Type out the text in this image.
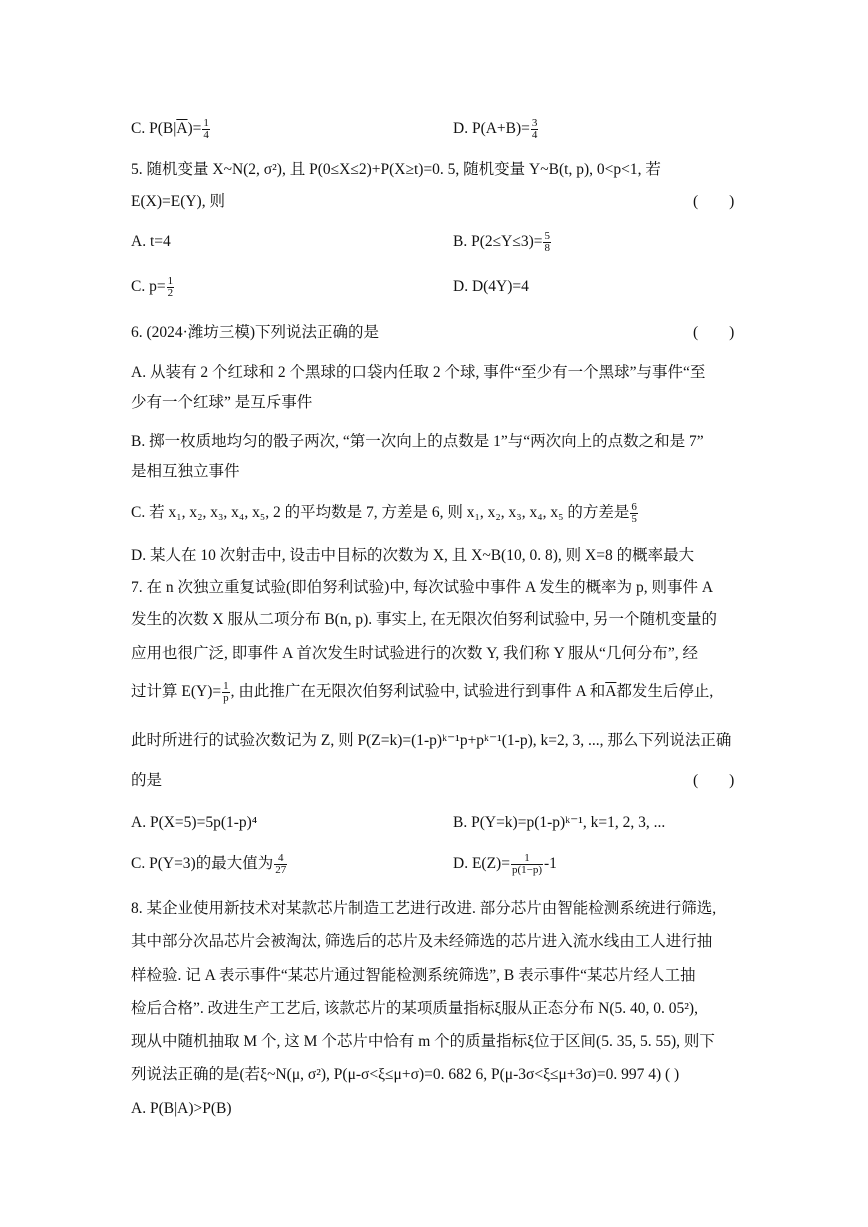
C. $P(B|\overline{A})= \frac{1}{4}$	D. $P(A+B)= \frac{3}{4}$
5. 随机变量 X~N(2, σ²), 且 P(0≤X≤2)+P(X≥t)=0. 5, 随机变量 Y~B(t, p), 0<p<1, 若
E(X)=E(Y), 则	(        )
A. t=4	B. $P(2\le Y\le 3)= \frac{5}{8}$
C. $p= \frac{1}{2}$	D. D(4Y)=4
6. (2024·潍坊三模)下列说法正确的是	(        )
A. 从装有 2 个红球和 2 个黑球的口袋内任取 2 个球, 事件“至少有一个黑球”与事件“至
少有一个红球” 是互斥事件
B. 掷一枚质地均匀的骰子两次, “第一次向上的点数是 1”与“两次向上的点数之和是 7”
是相互独立事件
C. 若 x₁, x₂, x₃, x₄, x₅, 2 的平均数是 7, 方差是 6, 则 x₁, x₂, x₃, x₄, x₅ 的方差是 $\frac{6}{5}$
D. 某人在 10 次射击中, 设击中目标的次数为 X, 且 X~B(10, 0. 8), 则 X=8 的概率最大
7. 在 n 次独立重复试验(即伯努利试验)中, 每次试验中事件 A 发生的概率为 p, 则事件 A
发生的次数 X 服从二项分布 B(n, p). 事实上, 在无限次伯努利试验中, 另一个随机变量的
应用也很广泛, 即事件 A 首次发生时试验进行的次数 Y, 我们称 Y 服从“几何分布”, 经
过计算 $E(Y)= \frac{1}{p}$ , 由此推广在无限次伯努利试验中, 试验进行到事件 A 和$\overline{A}$都发生后停止,
此时所进行的试验次数记为 Z, 则 P(Z=k)=(1-p)ᵏ⁻¹p+pᵏ⁻¹(1-p), k=2, 3, ..., 那么下列说法正确
的是	(        )
A. P(X=5)=5p(1-p)⁴	B. P(Y=k)=p(1-p)ᵏ⁻¹, k=1, 2, 3, ...
C. P(Y=3)的最大值为 $\frac{4}{27}$	D. $E(Z)= \frac{1}{p(1-p)} -1$
8. 某企业使用新技术对某款芯片制造工艺进行改进. 部分芯片由智能检测系统进行筛选,
其中部分次品芯片会被淘汰, 筛选后的芯片及未经筛选的芯片进入流水线由工人进行抽
样检验. 记 A 表示事件“某芯片通过智能检测系统筛选”, B 表示事件“某芯片经人工抽
检后合格”. 改进生产工艺后, 该款芯片的某项质量指标ξ服从正态分布 N(5. 40, 0. 05²),
现从中随机抽取 M 个, 这 M 个芯片中恰有 m 个的质量指标ξ位于区间(5. 35, 5. 55), 则下
列说法正确的是(若ξ~N(μ, σ²), P(μ-σ<ξ≤μ+σ)=0. 682 6, P(μ-3σ<ξ≤μ+3σ)=0. 997 4) ( )
A. P(B|A)>P(B)
